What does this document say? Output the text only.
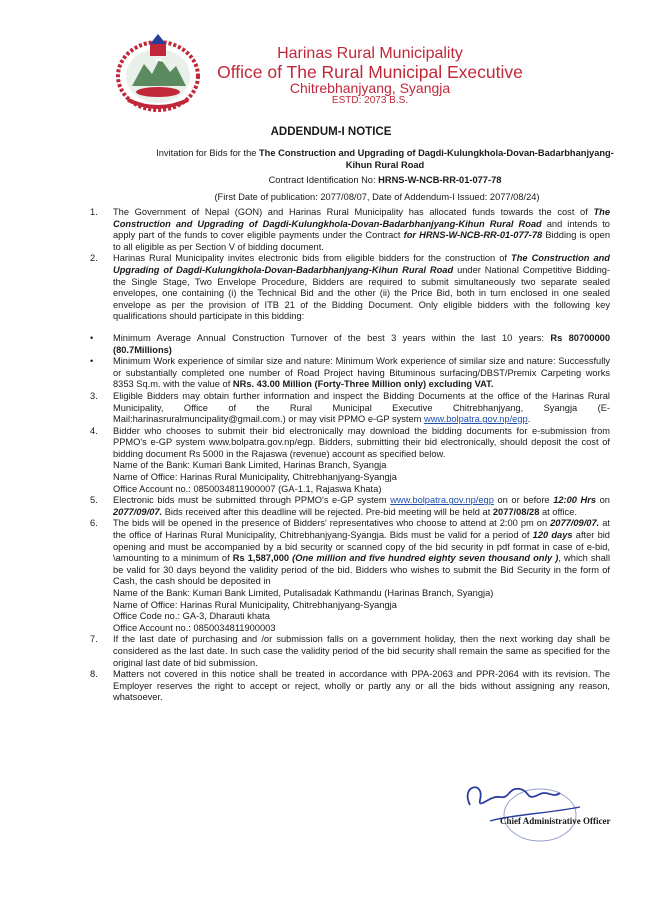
Harinas Rural Municipality
Office of The Rural Municipal Executive
Chitrebhanjyang, Syangja
ESTD: 2073 B.S.
ADDENDUM-I NOTICE
Invitation for Bids for the The Construction and Upgrading of Dagdi-Kulungkhola-Dovan-Badarbhanjyang-Kihun Rural Road
Contract Identification No: HRNS-W-NCB-RR-01-077-78
(First Date of publication: 2077/08/07, Date of Addendum-I Issued: 2077/08/24)
1. The Government of Nepal (GON) and Harinas Rural Municipality has allocated funds towards the cost of The Construction and Upgrading of Dagdi-Kulungkhola-Dovan-Badarbhanjyang-Kihun Rural Road and intends to apply part of the funds to cover eligible payments under the Contract for HRNS-W-NCB-RR-01-077-78 Bidding is open to all eligible as per Section V of bidding document.
2. Harinas Rural Municipality invites electronic bids from eligible bidders for the construction of The Construction and Upgrading of Dagdi-Kulungkhola-Dovan-Badarbhanjyang-Kihun Rural Road under National Competitive Bidding- the Single Stage, Two Envelope Procedure, Bidders are required to submit simultaneously two separate sealed envelopes, one containing (i) the Technical Bid and the other (ii) the Price Bid, both in turn enclosed in one sealed envelope as per the provision of ITB 21 of the Bidding Document. Only eligible bidders with the following key qualifications should participate in this bidding:
• Minimum Average Annual Construction Turnover of the best 3 years within the last 10 years: Rs 80700000 (80.7Millions)
• Minimum Work experience of similar size and nature: Minimum Work experience of similar size and nature: Successfully or substantially completed one number of Road Project having Bituminous surfacing/DBST/Premix Carpeting works 8353 Sq.m. with the value of NRs. 43.00 Million (Forty-Three Million only) excluding VAT.
3. Eligible Bidders may obtain further information and inspect the Bidding Documents at the office of the Harinas Rural Municipality, Office of the Rural Municipal Executive Chitrebhanjyang, Syangja (E-Mail:harinasruralmuncipality@gmail.com.) or may visit PPMO e-GP system www.bolpatra.gov.np/egp.
4. Bidder who chooses to submit their bid electronically may download the bidding documents for e-submission from PPMO's e-GP system www.bolpatra.gov.np/egp. Bidders, submitting their bid electronically, should deposit the cost of bidding document Rs 5000 in the Rajaswa (revenue) account as specified below.
Name of the Bank: Kumari Bank Limited, Harinas Branch, Syangja
Name of Office: Harinas Rural Municipality, Chitrebhanjyang-Syangja
Office Account no.: 0850034811900007 (GA-1.1, Rajaswa Khata)
5. Electronic bids must be submitted through PPMO's e-GP system www.bolpatra.gov.np/egp on or before 12:00 Hrs on 2077/09/07. Bids received after this deadline will be rejected. Pre-bid meeting will be held at 2077/08/28 at office.
6. The bids will be opened in the presence of Bidders' representatives who choose to attend at 2:00 pm on 2077/09/07. at the office of Harinas Rural Municipality, Chitrebhanjyang-Syangja. Bids must be valid for a period of 120 days after bid opening and must be accompanied by a bid security or scanned copy of the bid security in pdf format in case of e-bid, \amounting to a minimum of Rs 1,587,000 (One million and five hundred eighty seven thousand only ), which shall be valid for 30 days beyond the validity period of the bid. Bidders who wishes to submit the Bid Security in the form of Cash, the cash should be deposited in
Name of the Bank: Kumari Bank Limited, Putalisadak Kathmandu (Harinas Branch, Syangja)
Name of Office: Harinas Rural Municipality, Chitrebhanjyang-Syangja
Office Code no.: GA-3, Dharauti khata
Office Account no.: 0850034811900003
7. If the last date of purchasing and /or submission falls on a government holiday, then the next working day shall be considered as the last date. In such case the validity period of the bid security shall remain the same as specified for the original last date of bid submission.
8. Matters not covered in this notice shall be treated in accordance with PPA-2063 and PPR-2064 with its revision. The Employer reserves the right to accept or reject, wholly or partly any or all the bids without assigning any reason, whatsoever.
Chief Administrative Officer
